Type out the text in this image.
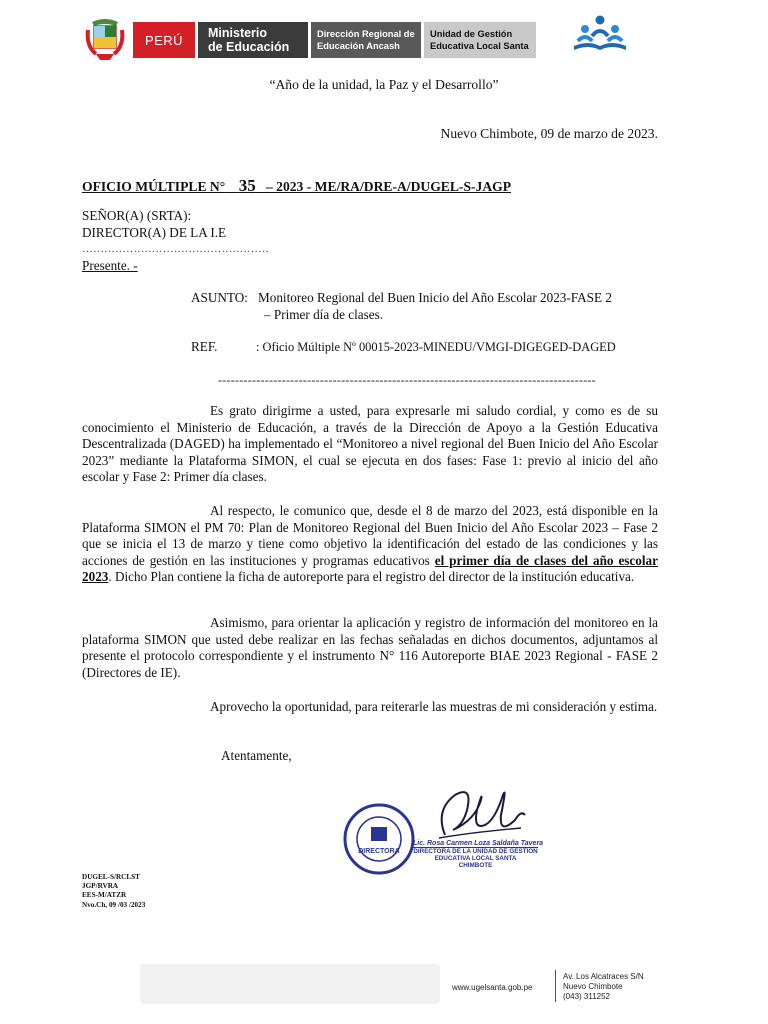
PERÚ Ministerio
de Educación
Dirección Regional de
Educación Ancash
Unidad de Gestión
Educativa Local Santa
“Año de la unidad, la Paz y el Desarrollo”
Nuevo Chimbote, 09 de marzo de 2023.
OFICIO MÚLTIPLE N° 35 – 2023 - ME/RA/DRE-A/DUGEL-S-JAGP
SEÑOR(A) (SRTA):
DIRECTOR(A) DE LA I.E
……………………………………………
Presente. -
ASUNTO: Monitoreo Regional del Buen Inicio del Año Escolar 2023-FASE 2
– Primer día de clases.
REF.	: Oficio Múltiple Nº 00015-2023-MINEDU/VMGI-DIGEGED-DAGED
-----------------------------------------------------------------------------------------
Es grato dirigirme a usted, para expresarle mi saludo cordial, y como es de su conocimiento el Ministerio de Educación, a través de la Dirección de Apoyo a la Gestión Educativa Descentralizada (DAGED) ha implementado el “Monitoreo a nivel regional del Buen Inicio del Año Escolar 2023” mediante la Plataforma SIMON, el cual se ejecuta en dos fases: Fase 1: previo al inicio del año escolar y Fase 2: Primer día clases.
Al respecto, le comunico que, desde el 8 de marzo del 2023, está disponible en la Plataforma SIMON el PM 70: Plan de Monitoreo Regional del Buen Inicio del Año Escolar 2023 – Fase 2 que se inicia el 13 de marzo y tiene como objetivo la identificación del estado de las condiciones y las acciones de gestión en las instituciones y programas educativos el primer día de clases del año escolar 2023. Dicho Plan contiene la ficha de autoreporte para el registro del director de la institución educativa.
Asimismo, para orientar la aplicación y registro de información del monitoreo en la plataforma SIMON que usted debe realizar en las fechas señaladas en dichos documentos, adjuntamos al presente el protocolo correspondiente y el instrumento N° 116 Autoreporte BIAE 2023 Regional - FASE 2 (Directores de IE).
Aprovecho la oportunidad, para reiterarle las muestras de mi consideración y estima.
Atentamente,
DIRECTORA
Lic. Rosa Carmen Loza Saldaña Tavera
DIRECTORA DE LA UNIDAD DE GESTIÓN
EDUCATIVA LOCAL SANTA
CHIMBOTE
DUGEL-S/RCLST
JGP/RVRA
EES-M/ATZR
Nvo.Ch, 09 /03 /2023
www.ugelsanta.gob.pe
Av. Los Alcatraces S/N
Nuevo Chimbote
(043) 311252
